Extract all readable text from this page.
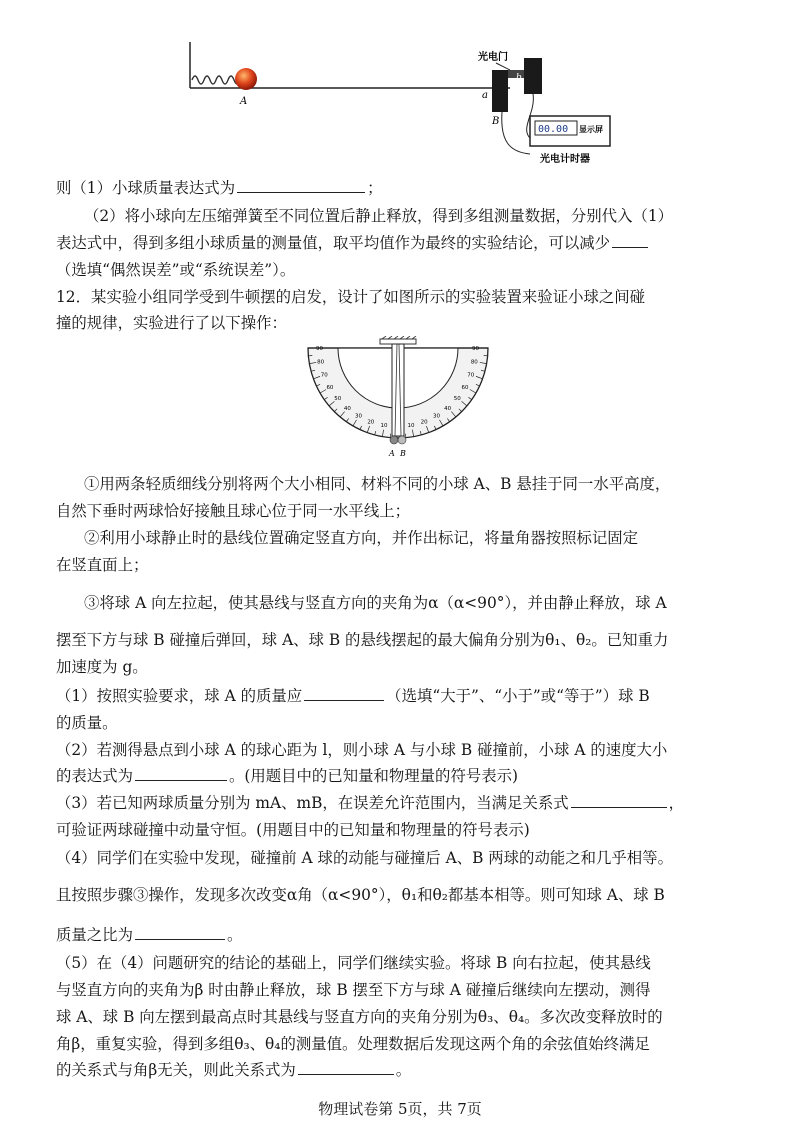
A
光电门
a
b
B
00.00 显示屏
光电计时器
则（1）小球质量表达式为	；
（2）将小球向左压缩弹簧至不同位置后静止释放，得到多组测量数据，分别代入（1）
表达式中，得到多组小球质量的测量值，取平均值作为最终的实验结论，可以减少
（选填“偶然误差”或“系统误差”）。
12．某实验小组同学受到牛顿摆的启发，设计了如图所示的实验装置来验证小球之间碰
撞的规律，实验进行了以下操作：
90
80
70
60
50
40
30
20
10	10
20
30
40
50
60
70
80
90
A B
①用两条轻质细线分别将两个大小相同、材料不同的小球 A、B 悬挂于同一水平高度，
自然下垂时两球恰好接触且球心位于同一水平线上；
②利用小球静止时的悬线位置确定竖直方向，并作出标记，将量角器按照标记固定
在竖直面上；
③将球 A 向左拉起，使其悬线与竖直方向的夹角为α（α<90°），并由静止释放，球 A
摆至下方与球 B 碰撞后弹回，球 A、球 B 的悬线摆起的最大偏角分别为θ₁、θ₂。已知重力
加速度为 g。
（1）按照实验要求，球 A 的质量应	（选填“大于”、“小于”或“等于”）球 B
的质量。
（2）若测得悬点到小球 A 的球心距为 l，则小球 A 与小球 B 碰撞前，小球 A 的速度大小
的表达式为	。(用题目中的已知量和物理量的符号表示)
（3）若已知两球质量分别为 mA、mB，在误差允许范围内，当满足关系式	，
可验证两球碰撞中动量守恒。(用题目中的已知量和物理量的符号表示)
（4）同学们在实验中发现，碰撞前 A 球的动能与碰撞后 A、B 两球的动能之和几乎相等。
且按照步骤③操作，发现多次改变α角（α<90°），θ₁和θ₂都基本相等。则可知球 A、球 B
质量之比为	。
（5）在（4）问题研究的结论的基础上，同学们继续实验。将球 B 向右拉起，使其悬线
与竖直方向的夹角为β 时由静止释放，球 B 摆至下方与球 A 碰撞后继续向左摆动，测得
球 A、球 B 向左摆到最高点时其悬线与竖直方向的夹角分别为θ₃、θ₄。多次改变释放时的
角β，重复实验，得到多组θ₃、θ₄的测量值。处理数据后发现这两个角的余弦值始终满足
的关系式与角β无关，则此关系式为	。
物理试卷第 5页，共 7页
